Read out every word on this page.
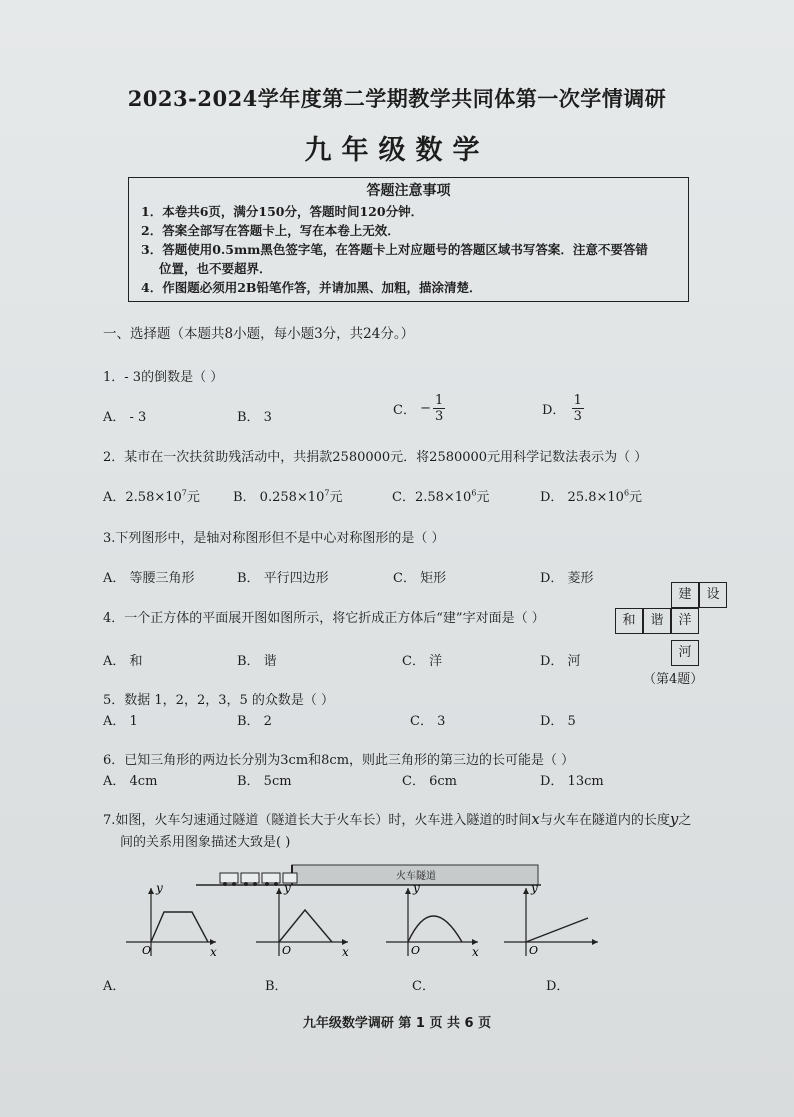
2023-2024学年度第二学期教学共同体第一次学情调研
九年级数学
答题注意事项
1．本卷共6页，满分150分，答题时间120分钟．
2．答案全部写在答题卡上，写在本卷上无效．
3．答题使用0.5mm黑色签字笔，在答题卡上对应题号的答题区域书写答案．注意不要答错
位置，也不要超界．
4．作图题必须用2B铅笔作答，并请加黑、加粗，描涂清楚．
一、选择题（本题共8小题，每小题3分，共24分。）
1．- 3的倒数是（ ）
A． - 3	B． 3	C． − $\frac{1}{3}$	D． $\frac{1}{3}$
2．某市在一次扶贫助残活动中，共捐款2580000元．将2580000元用科学记数法表示为（ ）
A．$2.58\times 10^7$元	B． $0.258\times 10^7$元	C．$2.58\times 10^6$元	D． $25.8\times 10^6$元
3.下列图形中，是轴对称图形但不是中心对称图形的是（ ）
A． 等腰三角形	B． 平行四边形	C． 矩形	D． 菱形
4．一个正方体的平面展开图如图所示，将它折成正方体后“建”字对面是（ ）
A． 和	B． 谐	C． 洋	D． 河
建	设
和	谐	洋
河
（第4题）
5．数据 1，2，2，3，5 的众数是（ ）
A． 1	B． 2	C． 3	D． 5
6．已知三角形的两边长分别为3cm和8cm，则此三角形的第三边的长可能是（ ）
A． 4cm	B． 5cm	C． 6cm	D． 13cm
7.如图，火车匀速通过隧道（隧道长大于火车长）时，火车进入隧道的时间x与火车在隧道内的长度y之
间的关系用图象描述大致是( )
火车隧道
y
O	x
y
O	x
y
O	x
y
O
A．	B．	C．	D．
九年级数学调研 第 1 页 共 6 页
